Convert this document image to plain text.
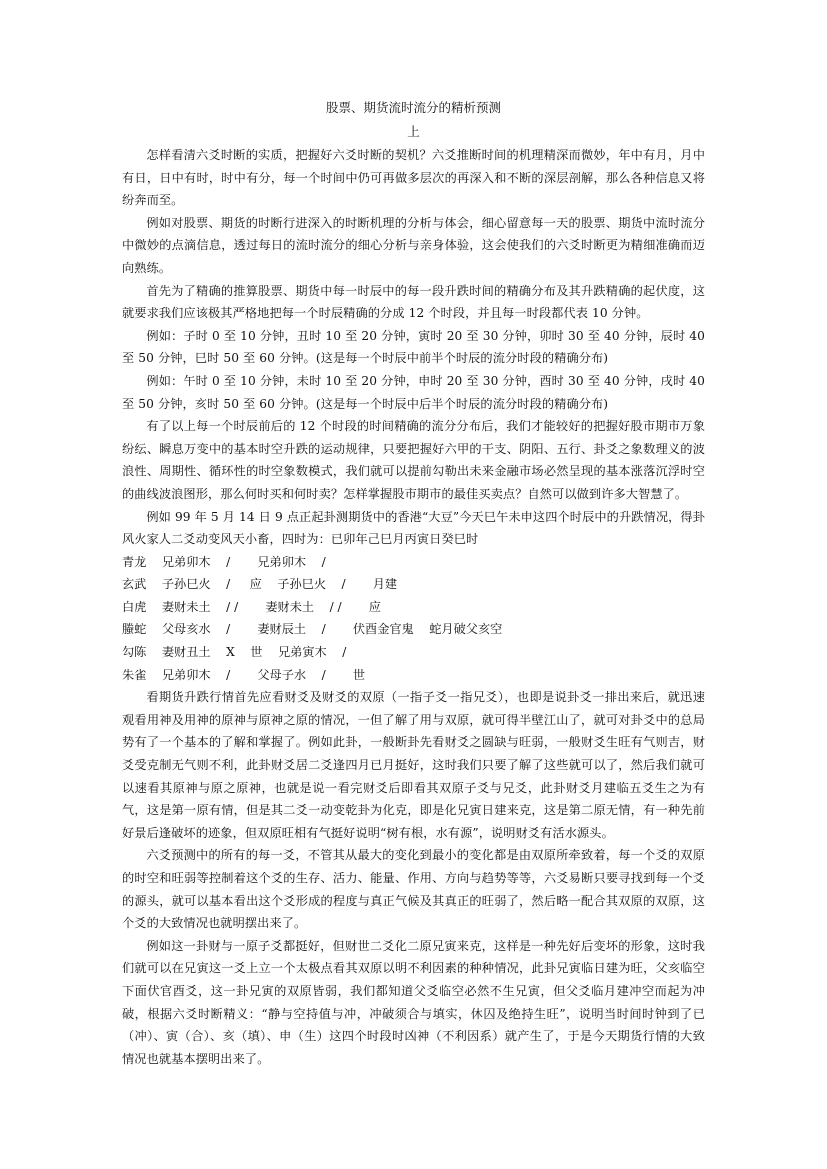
股票、期货流时流分的精析预测

上

怎样看清六爻时断的实质，把握好六爻时断的契机？六爻推断时间的机理精深而微妙，年中有月，月中有日，日中有时，时中有分，每一个时间中仍可再做多层次的再深入和不断的深层剖解，那么各种信息又将纷奔而至。

例如对股票、期货的时断行进深入的时断机理的分析与体会，细心留意每一天的股票、期货中流时流分中微妙的点滴信息，透过每日的流时流分的细心分析与亲身体验，这会使我们的六爻时断更为精细准确而迈向熟练。

首先为了精确的推算股票、期货中每一时辰中的每一段升跌时间的精确分布及其升跌精确的起伏度，这就要求我们应该极其严格地把每一个时辰精确的分成 12 个时段，并且每一时段都代表 10 分钟。

例如：子时 0 至 10 分钟，丑时 10 至 20 分钟，寅时 20 至 30 分钟，卯时 30 至 40 分钟，辰时 40 至 50 分钟，巳时 50 至 60 分钟。(这是每一个时辰中前半个时辰的流分时段的精确分布)

例如：午时 0 至 10 分钟，未时 10 至 20 分钟，申时 20 至 30 分钟，酉时 30 至 40 分钟，戌时 40 至 50 分钟，亥时 50 至 60 分钟。(这是每一个时辰中后半个时辰的流分时段的精确分布)

有了以上每一个时辰前后的 12 个时段的时间精确的流分分布后，我们才能较好的把握好股市期市万象纷纭、瞬息万变中的基本时空升跌的运动规律，只要把握好六甲的干支、阴阳、五行、卦爻之象数理义的波浪性、周期性、循环性的时空象数模式，我们就可以提前勾勒出未来金融市场必然呈现的基本涨落沉浮时空的曲线波浪图形，那么何时买和何时卖？怎样掌握股市期市的最佳买卖点？自然可以做到许多大智慧了。

例如 99 年 5 月 14 日 9 点正起卦测期货中的香港“大豆”今天巳午未申这四个时辰中的升跌情况，得卦风火家人二爻动变风天小畜，四时为：已卯年己巳月丙寅日癸巳时

青龙    兄弟卯木    /       兄弟卯木    /

玄武    子孙巳火    /     应    子孙巳火    /       月建

白虎    妻财未土    / /       妻财未土    / /       应

螣蛇    父母亥水    /       妻财辰土    /       伏酉金官鬼    蛇月破父亥空

勾陈    妻财丑土    X    世    兄弟寅木    /

朱雀    兄弟卯木    /       父母子水    /       世

看期货升跌行情首先应看财爻及财爻的双原（一指子爻一指兄爻），也即是说卦爻一排出来后，就迅速观看用神及用神的原神与原神之原的情况，一但了解了用与双原，就可得半壁江山了，就可对卦爻中的总局势有了一个基本的了解和掌握了。例如此卦，一般断卦先看财爻之圆缺与旺弱，一般财爻生旺有气则吉，财爻受克制无气则不利，此卦财爻居二爻逢四月已月挺好，这时我们只要了解了这些就可以了，然后我们就可以速看其原神与原之原神，也就是说一看完财爻后即看其双原子爻与兄爻，此卦财爻月建临五爻生之为有气，这是第一原有情，但是其二爻一动变乾卦为化克，即是化兄寅日建来克，这是第二原无情，有一种先前好景后逢破坏的迹象，但双原旺相有气挺好说明“树有根，水有源”，说明财爻有活水源头。

六爻预测中的所有的每一爻，不管其从最大的变化到最小的变化都是由双原所牵致着，每一个爻的双原的时空和旺弱等控制着这个爻的生存、活力、能量、作用、方向与趋势等等，六爻易断只要寻找到每一个爻的源头，就可以基本看出这个爻形成的程度与真正气候及其真正的旺弱了，然后略一配合其双原的双原，这个爻的大致情况也就明摆出来了。

例如这一卦财与一原子爻都挺好，但财世二爻化二原兄寅来克，这样是一种先好后变坏的形象，这时我们就可以在兄寅这一爻上立一个太极点看其双原以明不利因素的种种情况，此卦兄寅临日建为旺，父亥临空下面伏官酉爻，这一卦兄寅的双原皆弱，我们都知道父爻临空必然不生兄寅，但父爻临月建冲空而起为冲破，根据六爻时断精义：“静与空持值与冲，冲破须合与填实，休囚及绝持生旺”，说明当时间时钟到了已（冲）、寅（合）、亥（填）、申（生）这四个时段时凶神（不利因系）就产生了，于是今天期货行情的大致情况也就基本摆明出来了。
